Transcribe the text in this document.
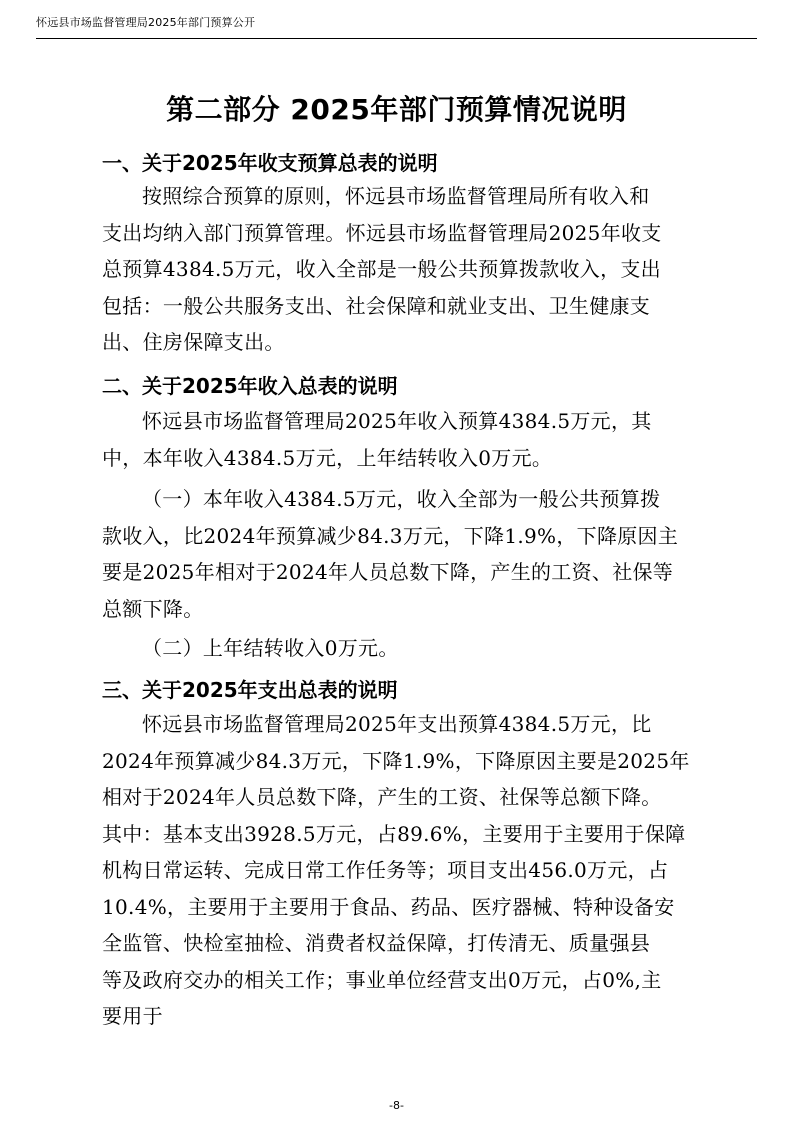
怀远县市场监督管理局2025年部门预算公开
第二部分 2025年部门预算情况说明
一、关于2025年收支预算总表的说明
按照综合预算的原则，怀远县市场监督管理局所有收入和
支出均纳入部门预算管理。怀远县市场监督管理局2025年收支
总预算4384.5万元，收入全部是一般公共预算拨款收入，支出
包括：一般公共服务支出、社会保障和就业支出、卫生健康支
出、住房保障支出。
二、关于2025年收入总表的说明
怀远县市场监督管理局2025年收入预算4384.5万元，其
中，本年收入4384.5万元，上年结转收入0万元。
（一）本年收入4384.5万元，收入全部为一般公共预算拨
款收入，比2024年预算减少84.3万元，下降1.9%，下降原因主
要是2025年相对于2024年人员总数下降，产生的工资、社保等
总额下降。
（二）上年结转收入0万元。
三、关于2025年支出总表的说明
怀远县市场监督管理局2025年支出预算4384.5万元，比
2024年预算减少84.3万元，下降1.9%，下降原因主要是2025年
相对于2024年人员总数下降，产生的工资、社保等总额下降。
其中：基本支出3928.5万元，占89.6%，主要用于主要用于保障
机构日常运转、完成日常工作任务等；项目支出456.0万元，占
10.4%，主要用于主要用于食品、药品、医疗器械、特种设备安
全监管、快检室抽检、消费者权益保障，打传清无、质量强县
等及政府交办的相关工作；事业单位经营支出0万元，占0%,主
要用于
-8-
